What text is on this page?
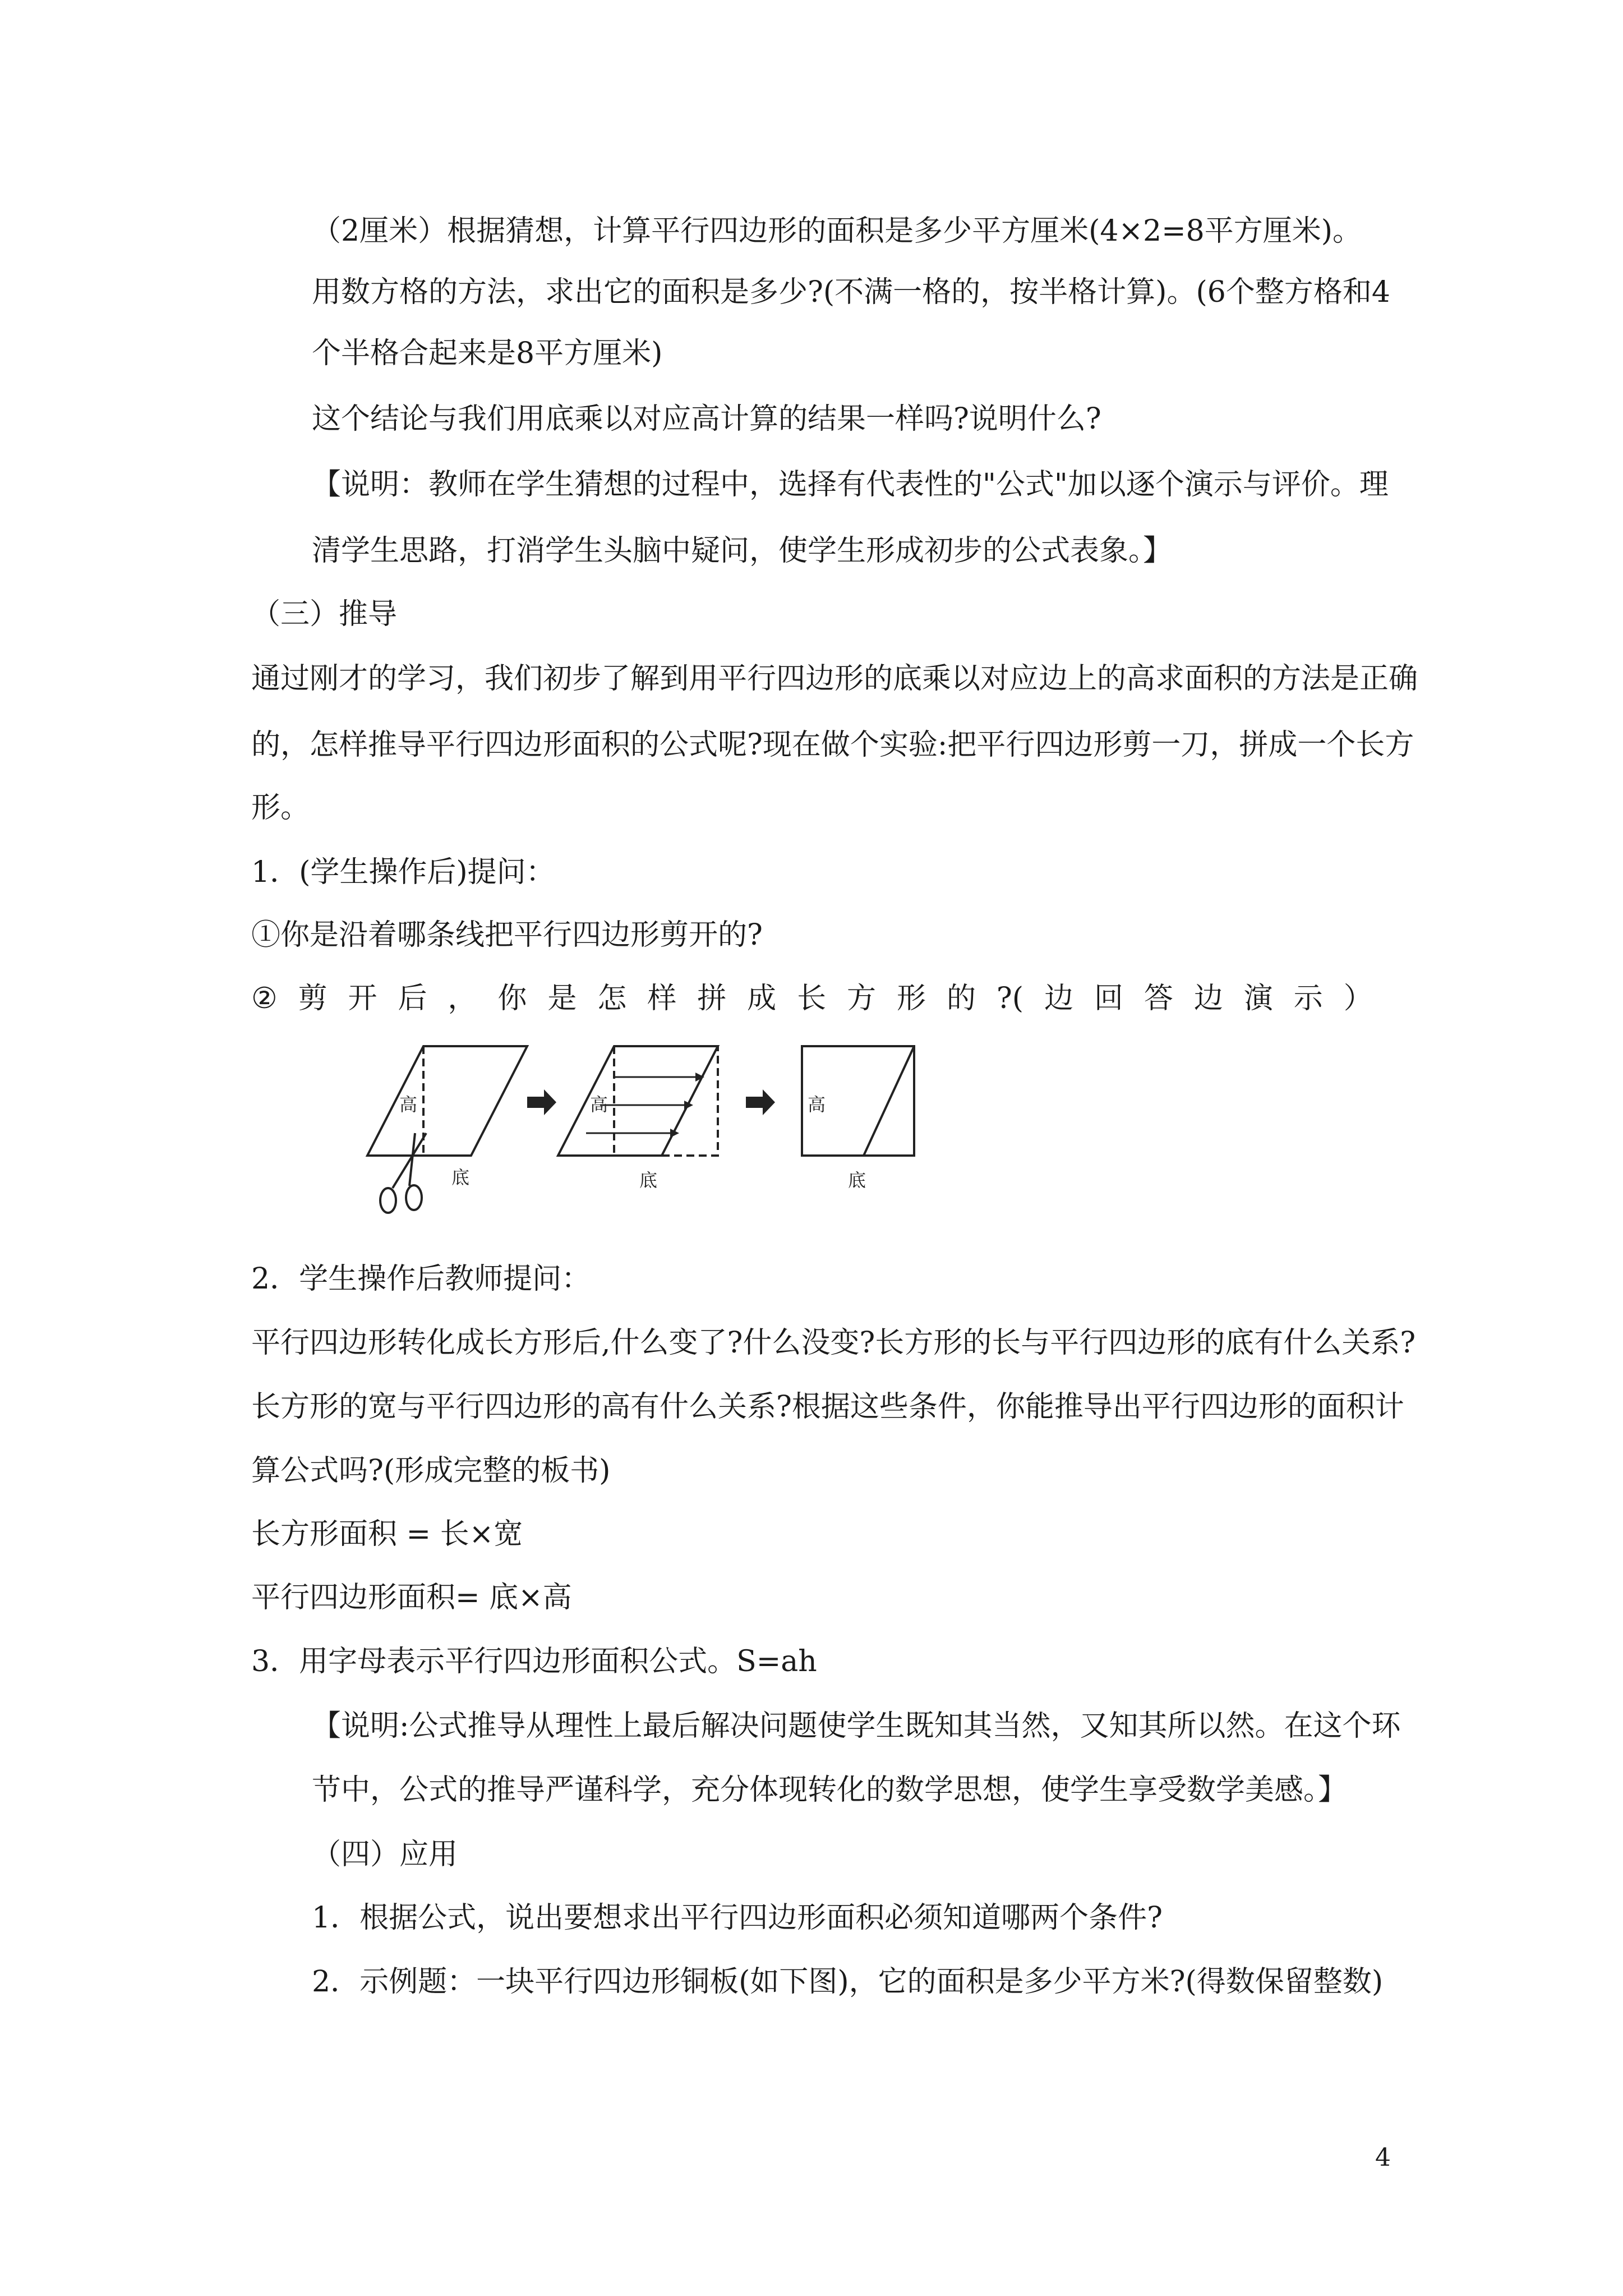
（2厘米）根据猜想，计算平行四边形的面积是多少平方厘米(4×2=8平方厘米)。
用数方格的方法，求出它的面积是多少?(不满一格的，按半格计算)。(6个整方格和4
个半格合起来是8平方厘米)
这个结论与我们用底乘以对应高计算的结果一样吗?说明什么?
【说明：教师在学生猜想的过程中，选择有代表性的"公式"加以逐个演示与评价。理
清学生思路，打消学生头脑中疑问，使学生形成初步的公式表象。】
（三）推导
通过刚才的学习，我们初步了解到用平行四边形的底乘以对应边上的高求面积的方法是正确
的，怎样推导平行四边形面积的公式呢?现在做个实验:把平行四边形剪一刀，拼成一个长方
形。
1．(学生操作后)提问：
①你是沿着哪条线把平行四边形剪开的?
② 剪 开 后 ， 你 是 怎 样 拼 成 长 方 形 的 ?( 边 回 答 边 演 示 ）
高
底
高
底
高
底
2．学生操作后教师提问：
平行四边形转化成长方形后,什么变了?什么没变?长方形的长与平行四边形的底有什么关系?
长方形的宽与平行四边形的高有什么关系?根据这些条件，你能推导出平行四边形的面积计
算公式吗?(形成完整的板书)
长方形面积 = 长×宽
平行四边形面积= 底×高
3．用字母表示平行四边形面积公式。S=ah
【说明:公式推导从理性上最后解决问题使学生既知其当然，又知其所以然。在这个环
节中，公式的推导严谨科学，充分体现转化的数学思想，使学生享受数学美感。】
（四）应用
1．根据公式，说出要想求出平行四边形面积必须知道哪两个条件?
2．示例题：一块平行四边形铜板(如下图)，它的面积是多少平方米?(得数保留整数)
4
